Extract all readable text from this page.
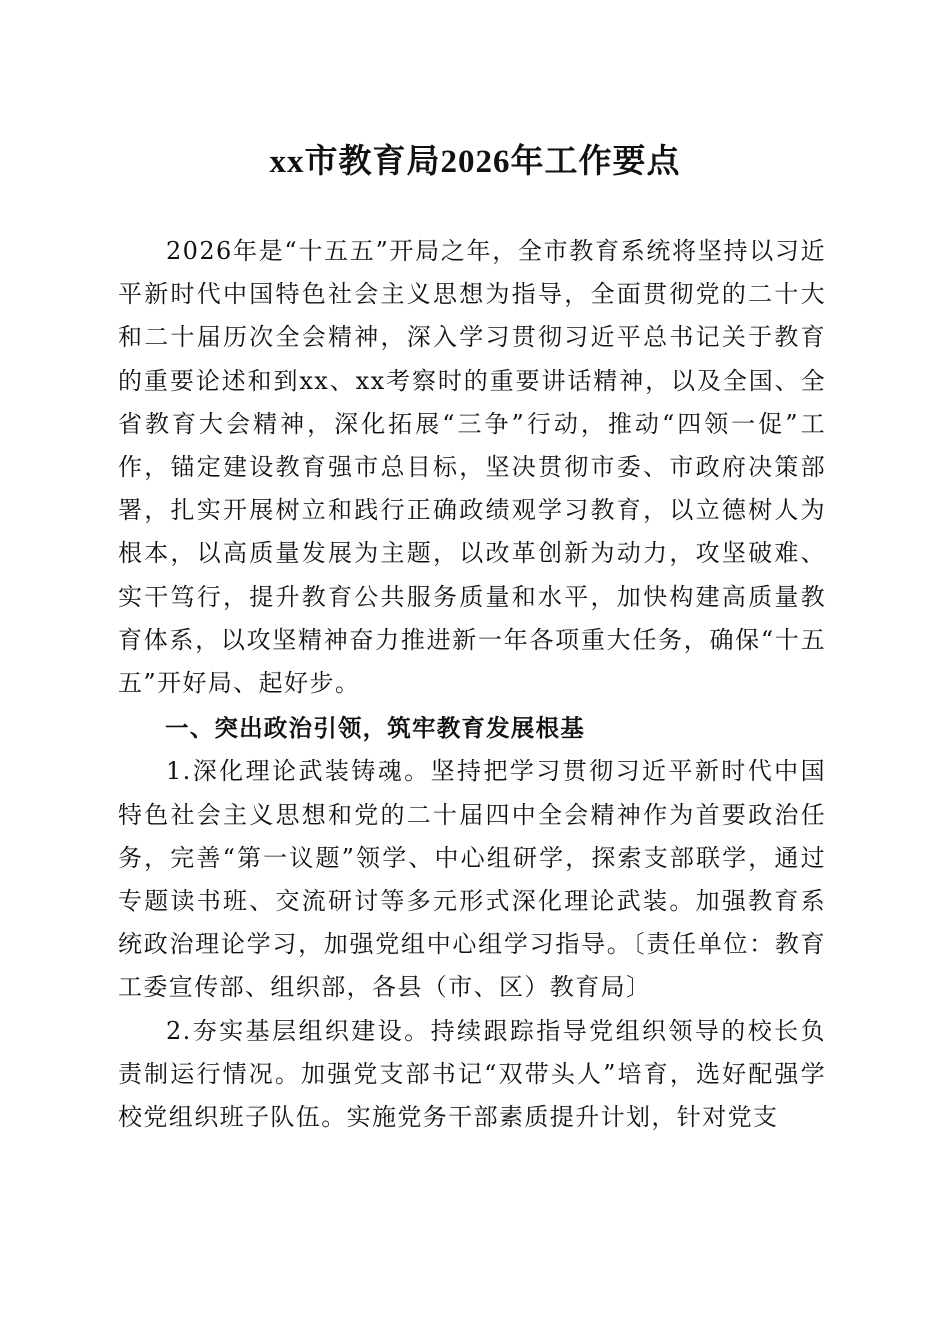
xx市教育局2026年工作要点

2026年是“十五五”开局之年，全市教育系统将坚持以习近平新时代中国特色社会主义思想为指导，全面贯彻党的二十大和二十届历次全会精神，深入学习贯彻习近平总书记关于教育的重要论述和到xx、xx考察时的重要讲话精神，以及全国、全省教育大会精神，深化拓展“三争”行动，推动“四领一促”工作，锚定建设教育强市总目标，坚决贯彻市委、市政府决策部署，扎实开展树立和践行正确政绩观学习教育，以立德树人为根本，以高质量发展为主题，以改革创新为动力，攻坚破难、实干笃行，提升教育公共服务质量和水平，加快构建高质量教育体系，以攻坚精神奋力推进新一年各项重大任务，确保“十五五”开好局、起好步。

一、突出政治引领，筑牢教育发展根基

1.深化理论武装铸魂。坚持把学习贯彻习近平新时代中国特色社会主义思想和党的二十届四中全会精神作为首要政治任务，完善“第一议题”领学、中心组研学，探索支部联学，通过专题读书班、交流研讨等多元形式深化理论武装。加强教育系统政治理论学习，加强党组中心组学习指导。〔责任单位：教育工委宣传部、组织部，各县（市、区）教育局〕

2.夯实基层组织建设。持续跟踪指导党组织领导的校长负责制运行情况。加强党支部书记“双带头人”培育，选好配强学校党组织班子队伍。实施党务干部素质提升计划，针对党支
